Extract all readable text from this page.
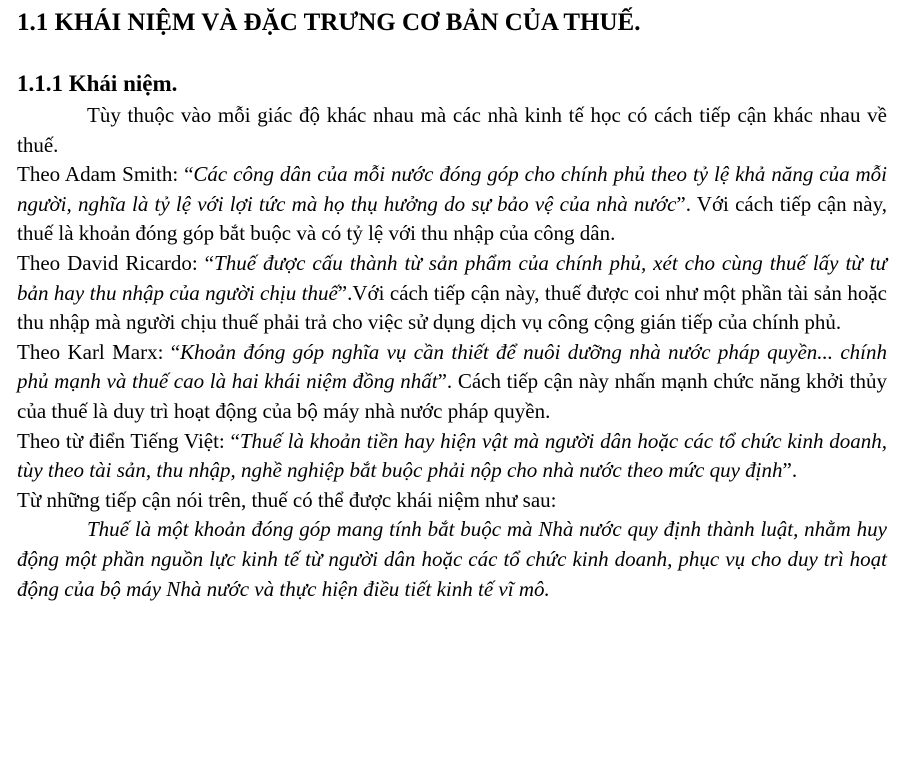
1.1 KHÁI NIỆM VÀ ĐẶC TRƯNG CƠ BẢN CỦA THUẾ.
1.1.1 Khái niệm.

Tùy thuộc vào mỗi giác độ khác nhau mà các nhà kinh tế học có cách tiếp cận khác nhau về thuế.

Theo Adam Smith: “Các công dân của mỗi nước đóng góp cho chính phủ theo tỷ lệ khả năng của mỗi người, nghĩa là tỷ lệ với lợi tức mà họ thụ hưởng do sự bảo vệ của nhà nước”. Với cách tiếp cận này, thuế là khoản đóng góp bắt buộc và có tỷ lệ với thu nhập của công dân.

Theo David Ricardo: “Thuế được cấu thành từ sản phẩm của chính phủ, xét cho cùng thuế lấy từ tư bản hay thu nhập của người chịu thuế”.Với cách tiếp cận này, thuế được coi như một phần tài sản hoặc thu nhập mà người chịu thuế phải trả cho việc sử dụng dịch vụ công cộng gián tiếp của chính phủ.

Theo Karl Marx: “Khoản đóng góp nghĩa vụ cần thiết để nuôi dưỡng nhà nước pháp quyền... chính phủ mạnh và thuế cao là hai khái niệm đồng nhất”. Cách tiếp cận này nhấn mạnh chức năng khởi thủy của thuế là duy trì hoạt động của bộ máy nhà nước pháp quyền.

Theo từ điển Tiếng Việt: “Thuế là khoản tiền hay hiện vật mà người dân hoặc các tổ chức kinh doanh, tùy theo tài sản, thu nhập, nghề nghiệp bắt buộc phải nộp cho nhà nước theo mức quy định”.

Từ những tiếp cận nói trên, thuế có thể được khái niệm như sau:

Thuế là một khoản đóng góp mang tính bắt buộc mà Nhà nước quy định thành luật, nhằm huy động một phần nguồn lực kinh tế từ người dân hoặc các tổ chức kinh doanh, phục vụ cho duy trì hoạt động của bộ máy Nhà nước và thực hiện điều tiết kinh tế vĩ mô.
